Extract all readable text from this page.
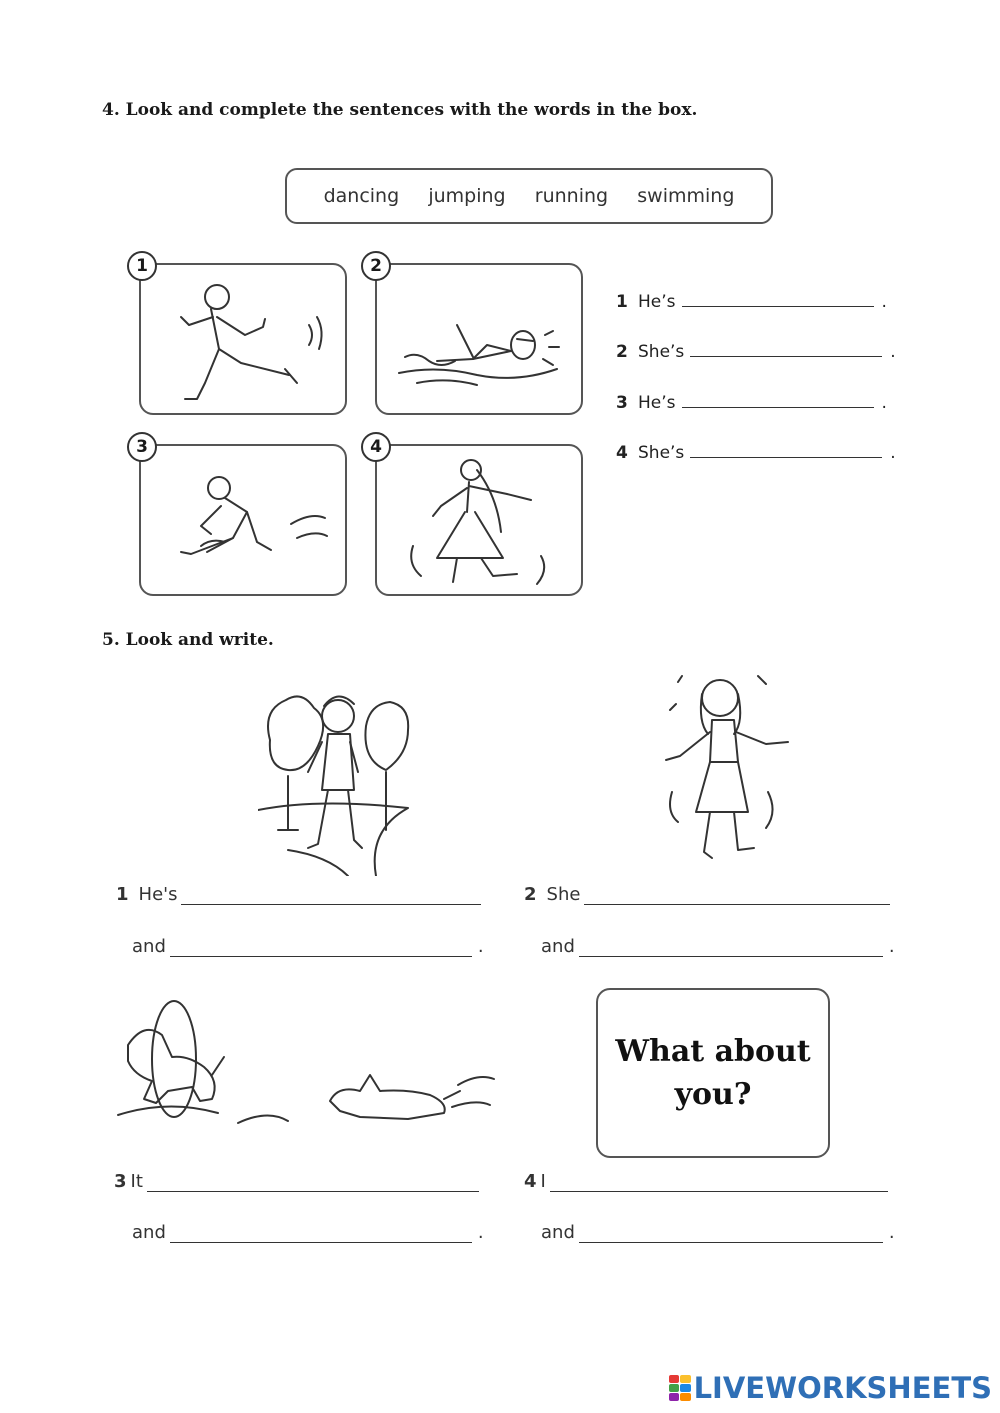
4. Look and complete the sentences with the words in the box.
dancing jumping running swimming
1	2
3	4
1 He’s	.
2 She’s	.
3 He’s	.
4 She’s	.
5. Look and write.
1 He's
and	.
2 She
and	.
What about
you?
3 It
and	.
4 I
and	.
LIVEWORKSHEETS
